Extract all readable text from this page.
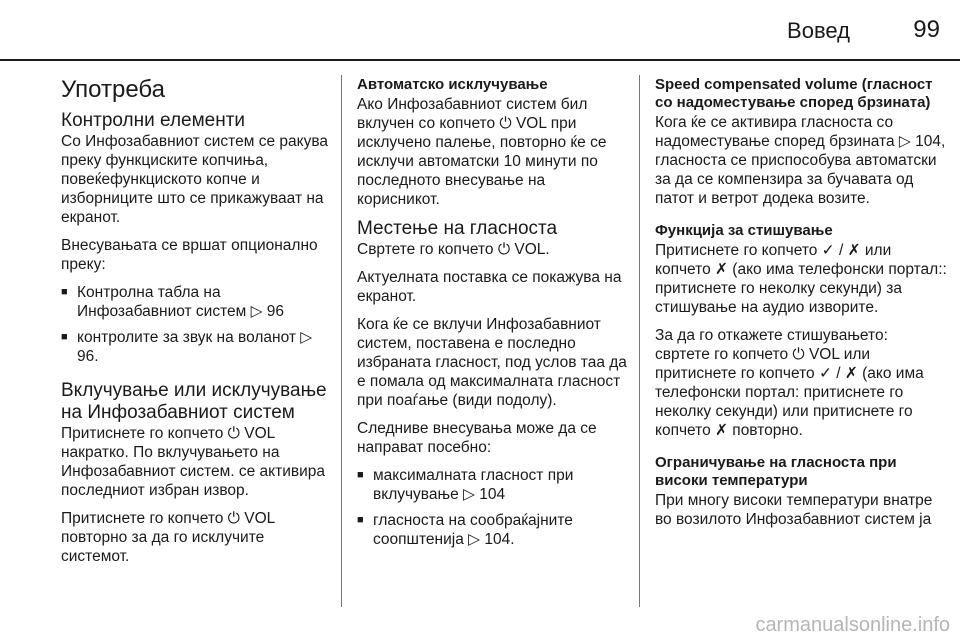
Вовед	99
Употреба
Контролни елементи

Со Инфозабавниот систем се ракува преку функциските копчиња, повеќефункциското копче и изборниците што се прикажуваат на екранот.

Внесувањата се вршат опционално преку:

■ Контролна табла на Инфозабавниот систем ▷ 96
■ контролите за звук на воланот ▷ 96.
Вклучување или исклучување на Инфозабавниот систем

Притиснете го копчето ⏻ VOL накратко. По вклучувањето на Инфозабавниот систем. се активира последниот избран извор.

Притиснете го копчето ⏻ VOL повторно за да го исклучите системот.

Автоматско исклучување

Ако Инфозабавниот систем бил вклучен со копчето ⏻ VOL при исклучено палење, повторно ќе се исклучи автоматски 10 минути по последното внесување на корисникот.

Местење на гласноста

Свртете го копчето ⏻ VOL.

Актуелната поставка се покажува на екранот.

Кога ќе се вклучи Инфозабавниот систем, поставена е последно избраната гласност, под услов таа да е помала од максималната гласност при поаѓање (види подолу).

Следниве внесувања може да се направат посебно:

■ максималната гласност при вклучување ▷ 104
■ гласноста на сообраќајните соопштенија ▷ 104.
Speed compensated volume (гласност со надоместување според брзината)

Кога ќе се активира гласноста со надоместување според брзината ▷ 104, гласноста се приспособува автоматски за да се компензира за бучавата од патот и ветрот додека возите.

Функција за стишување

Притиснете го копчето ✓ / ✗ или копчето ✗ (ако има телефонски портал:: притиснете го неколку секунди) за стишување на аудио изворите.

За да го откажете стишувањето: свртете го копчето ⏻ VOL или притиснете го копчето ✓ / ✗ (ако има телефонски портал: притиснете го неколку секунди) или притиснете го копчето ✗ повторно.

Ограничување на гласноста при високи температури

При многу високи температури внатре во возилото Инфозабавниот систем ја

carmanualsonline.info
